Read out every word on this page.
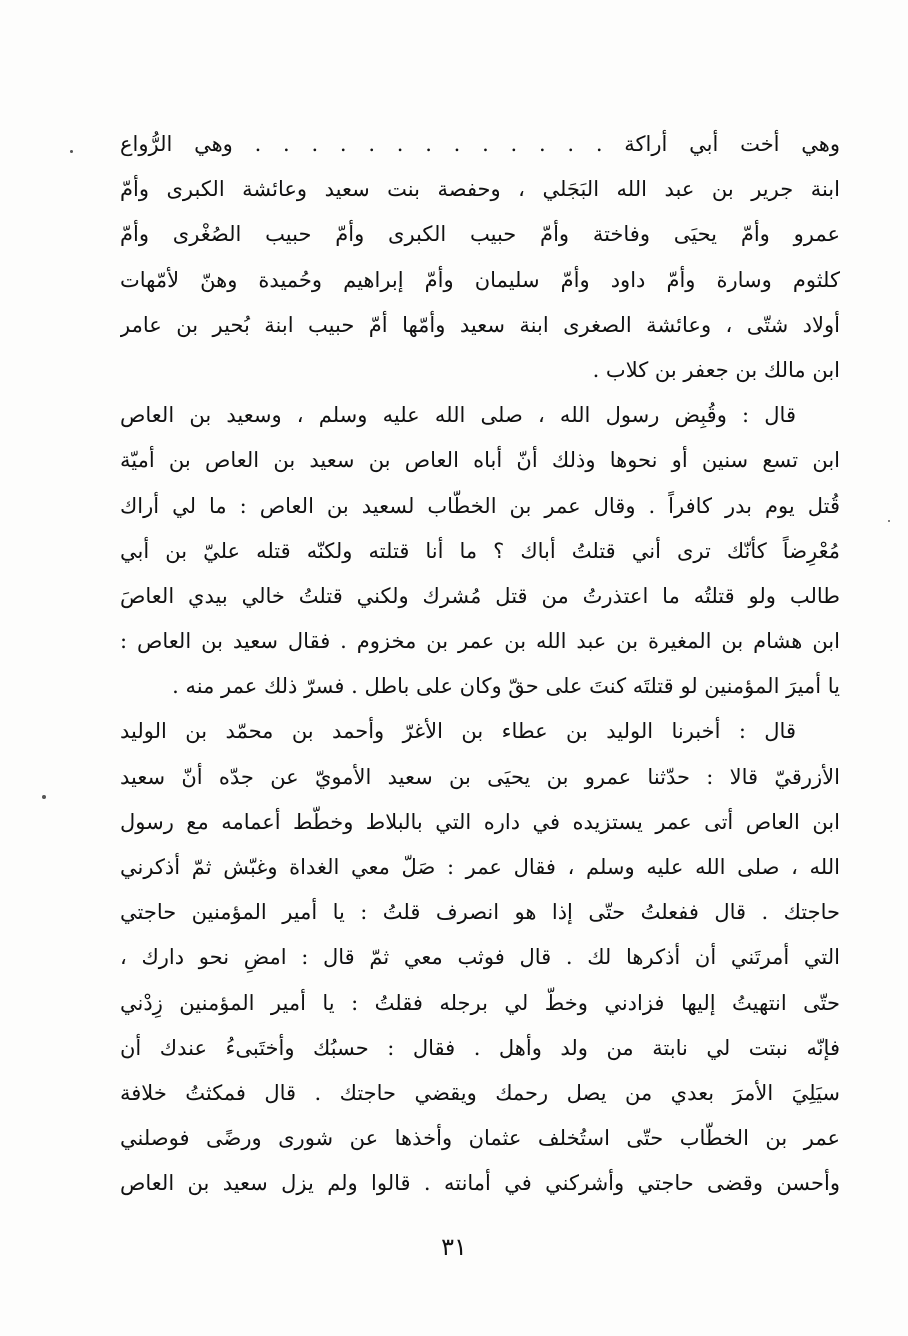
وهي أخت أبي أراكة . . . . . . . . . . . . . وهي الرُّواع
ابنة جرير بن عبد الله البَجَلي ، وحفصة بنت سعيد وعائشة الكبرى وأمّ
عمرو وأمّ يحيَى وفاختة وأمّ حبيب الكبرى وأمّ حبيب الصُغْرى وأمّ
كلثوم وسارة وأمّ داود وأمّ سليمان وأمّ إبراهيم وحُميدة وهنّ لأمّهات
أولاد شتّى ، وعائشة الصغرى ابنة سعيد وأمّها أمّ حبيب ابنة بُحير بن عامر
ابن مالك بن جعفر بن كلاب .
قال : وقُبِض رسول الله ، صلى الله عليه وسلم ، وسعيد بن العاص
ابن تسع سنين أو نحوها وذلك أنّ أباه العاص بن سعيد بن العاص بن أميّة
قُتل يوم بدر كافراً . وقال عمر بن الخطّاب لسعيد بن العاص : ما لي أراك
مُعْرِضاً كأنّك ترى أني قتلتُ أباك ؟ ما أنا قتلته ولكنّه قتله عليّ بن أبي
طالب ولو قتلتُه ما اعتذرتُ من قتل مُشرك ولكني قتلتُ خالي بيدي العاصَ
ابن هشام بن المغيرة بن عبد الله بن عمر بن مخزوم . فقال سعيد بن العاص :
يا أميرَ المؤمنين لو قتلتَه كنتَ على حقّ وكان على باطل . فسرّ ذلك عمر منه .
قال : أخبرنا الوليد بن عطاء بن الأغرّ وأحمد بن محمّد بن الوليد
الأزرقيّ قالا : حدّثنا عمرو بن يحيَى بن سعيد الأمويّ عن جدّه أنّ سعيد
ابن العاص أتى عمر يستزيده في داره التي بالبلاط وخطّط أعمامه مع رسول
الله ، صلى الله عليه وسلم ، فقال عمر : صَلّ معي الغداة وغبّش ثمّ أذكرني
حاجتك . قال ففعلتُ حتّى إذا هو انصرف قلتُ : يا أمير المؤمنين حاجتي
التي أمرتَني أن أذكرها لك . قال فوثب معي ثمّ قال : امضِ نحو دارك ،
حتّى انتهيتُ إليها فزادني وخطّ لي برجله فقلتُ : يا أمير المؤمنين زِدْني
فإنّه نبتت لي نابتة من ولد وأهل . فقال : حسبُك وأختَبىءُ عندك أن
سيَلِيَ الأمرَ بعدي من يصل رحمك ويقضي حاجتك . قال فمكثتُ خلافة
عمر بن الخطّاب حتّى استُخلف عثمان وأخذها عن شورى ورضًى فوصلني
وأحسن وقضى حاجتي وأشركني في أمانته . قالوا ولم يزل سعيد بن العاص
٣١
